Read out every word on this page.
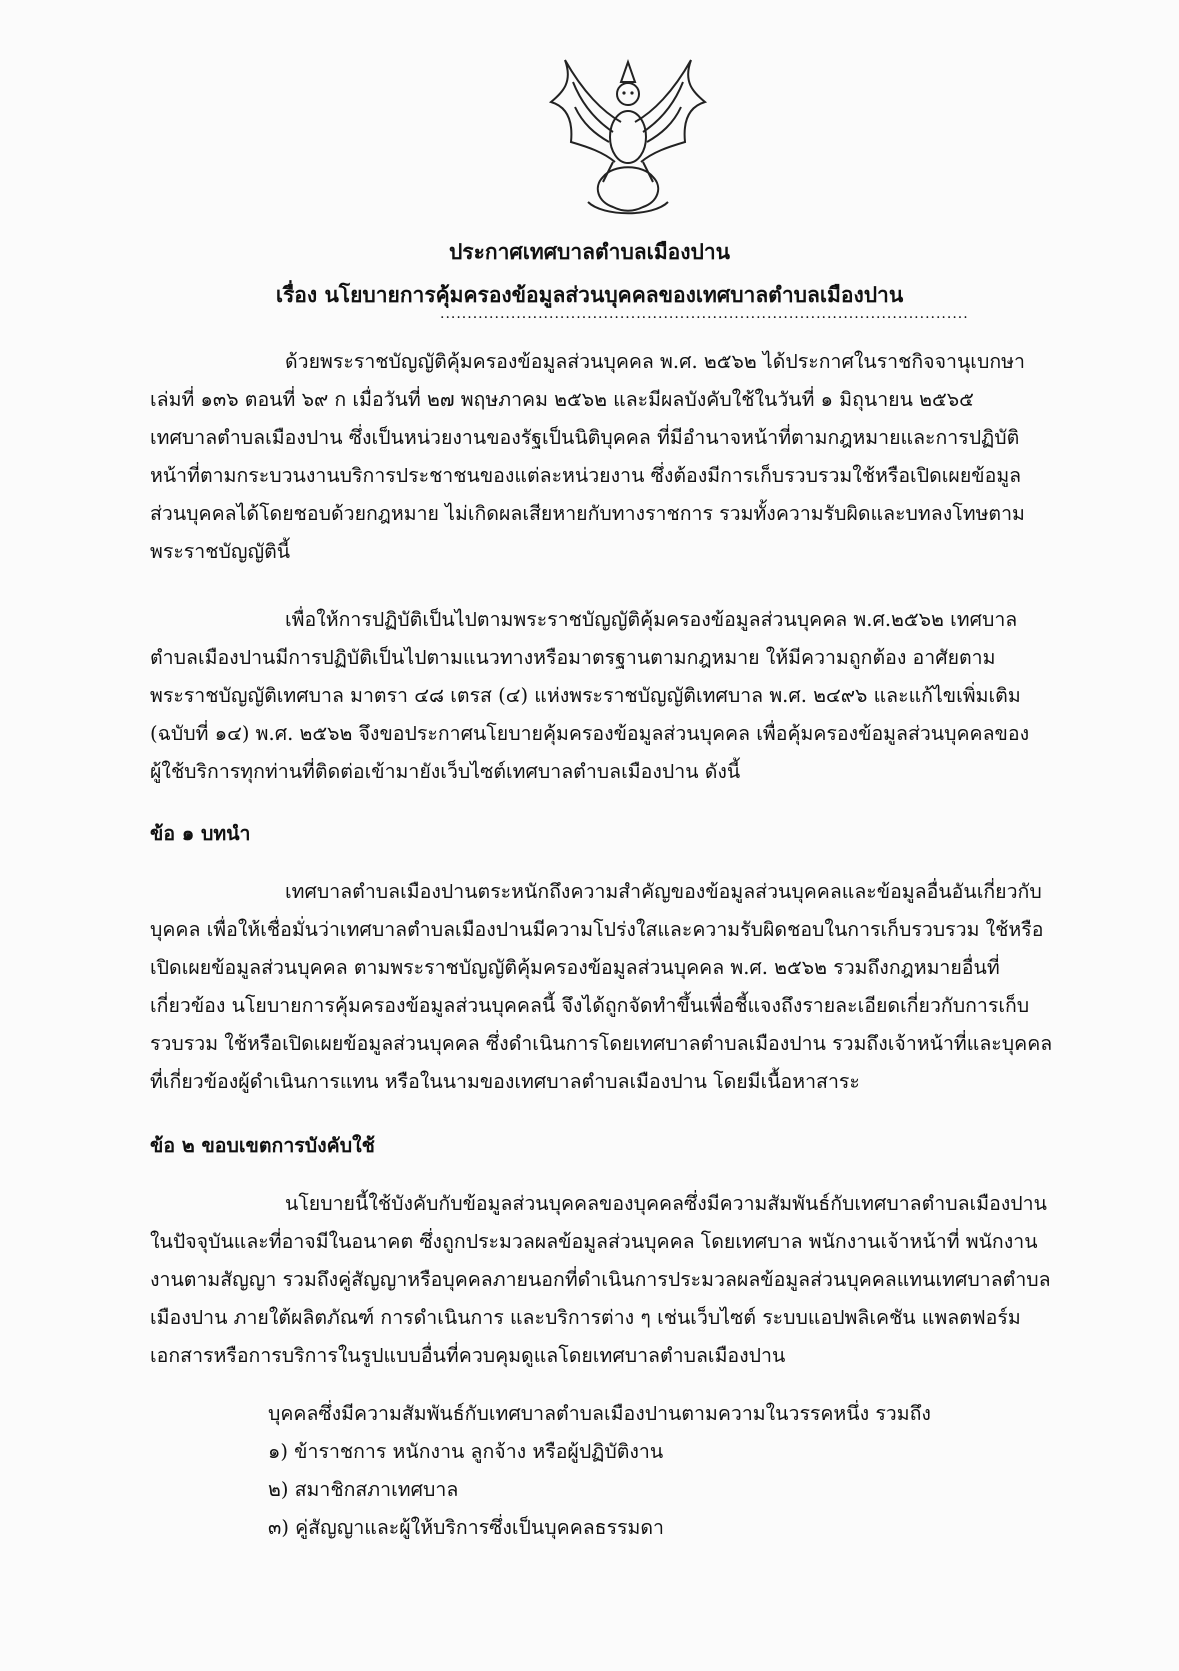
ประกาศเทศบาลตำบลเมืองปาน
เรื่อง นโยบายการคุ้มครองข้อมูลส่วนบุคคลของเทศบาลตำบลเมืองปาน
.................................................................................................
ด้วยพระราชบัญญัติคุ้มครองข้อมูลส่วนบุคคล พ.ศ. ๒๕๖๒ ได้ประกาศในราชกิจจานุเบกษา
เล่มที่ ๑๓๖ ตอนที่ ๖๙ ก เมื่อวันที่ ๒๗ พฤษภาคม ๒๕๖๒ และมีผลบังคับใช้ในวันที่ ๑ มิถุนายน ๒๕๖๕
เทศบาลตำบลเมืองปาน ซึ่งเป็นหน่วยงานของรัฐเป็นนิติบุคคล ที่มีอำนาจหน้าที่ตามกฎหมายและการปฏิบัติ
หน้าที่ตามกระบวนงานบริการประชาชนของแต่ละหน่วยงาน ซึ่งต้องมีการเก็บรวบรวมใช้หรือเปิดเผยข้อมูล
ส่วนบุคคลได้โดยชอบด้วยกฎหมาย ไม่เกิดผลเสียหายกับทางราชการ รวมทั้งความรับผิดและบทลงโทษตาม
พระราชบัญญัตินี้
เพื่อให้การปฏิบัติเป็นไปตามพระราชบัญญัติคุ้มครองข้อมูลส่วนบุคคล พ.ศ.๒๕๖๒ เทศบาล
ตำบลเมืองปานมีการปฏิบัติเป็นไปตามแนวทางหรือมาตรฐานตามกฎหมาย ให้มีความถูกต้อง อาศัยตาม
พระราชบัญญัติเทศบาล มาตรา ๔๘ เตรส (๔) แห่งพระราชบัญญัติเทศบาล พ.ศ. ๒๔๙๖ และแก้ไขเพิ่มเติม
(ฉบับที่ ๑๔) พ.ศ. ๒๕๖๒ จึงขอประกาศนโยบายคุ้มครองข้อมูลส่วนบุคคล เพื่อคุ้มครองข้อมูลส่วนบุคคลของ
ผู้ใช้บริการทุกท่านที่ติดต่อเข้ามายังเว็บไซต์เทศบาลตำบลเมืองปาน ดังนี้
ข้อ ๑ บทนำ
เทศบาลตำบลเมืองปานตระหนักถึงความสำคัญของข้อมูลส่วนบุคคลและข้อมูลอื่นอันเกี่ยวกับ
บุคคล เพื่อให้เชื่อมั่นว่าเทศบาลตำบลเมืองปานมีความโปร่งใสและความรับผิดชอบในการเก็บรวบรวม ใช้หรือ
เปิดเผยข้อมูลส่วนบุคคล ตามพระราชบัญญัติคุ้มครองข้อมูลส่วนบุคคล พ.ศ. ๒๕๖๒ รวมถึงกฎหมายอื่นที่
เกี่ยวข้อง นโยบายการคุ้มครองข้อมูลส่วนบุคคลนี้ จึงได้ถูกจัดทำขึ้นเพื่อชี้แจงถึงรายละเอียดเกี่ยวกับการเก็บ
รวบรวม ใช้หรือเปิดเผยข้อมูลส่วนบุคคล ซึ่งดำเนินการโดยเทศบาลตำบลเมืองปาน รวมถึงเจ้าหน้าที่และบุคคล
ที่เกี่ยวข้องผู้ดำเนินการแทน หรือในนามของเทศบาลตำบลเมืองปาน โดยมีเนื้อหาสาระ
ข้อ ๒ ขอบเขตการบังคับใช้
นโยบายนี้ใช้บังคับกับข้อมูลส่วนบุคคลของบุคคลซึ่งมีความสัมพันธ์กับเทศบาลตำบลเมืองปาน
ในปัจจุบันและที่อาจมีในอนาคต ซึ่งถูกประมวลผลข้อมูลส่วนบุคคล โดยเทศบาล พนักงานเจ้าหน้าที่ พนักงาน
งานตามสัญญา รวมถึงคู่สัญญาหรือบุคคลภายนอกที่ดำเนินการประมวลผลข้อมูลส่วนบุคคลแทนเทศบาลตำบล
เมืองปาน ภายใต้ผลิตภัณฑ์ การดำเนินการ และบริการต่าง ๆ เช่นเว็บไซต์ ระบบแอปพลิเคชัน แพลตฟอร์ม
เอกสารหรือการบริการในรูปแบบอื่นที่ควบคุมดูแลโดยเทศบาลตำบลเมืองปาน
บุคคลซึ่งมีความสัมพันธ์กับเทศบาลตำบลเมืองปานตามความในวรรคหนึ่ง รวมถึง
๑) ข้าราชการ หนักงาน ลูกจ้าง หรือผู้ปฏิบัติงาน
๒) สมาชิกสภาเทศบาล
๓) คู่สัญญาและผู้ให้บริการซึ่งเป็นบุคคลธรรมดา
